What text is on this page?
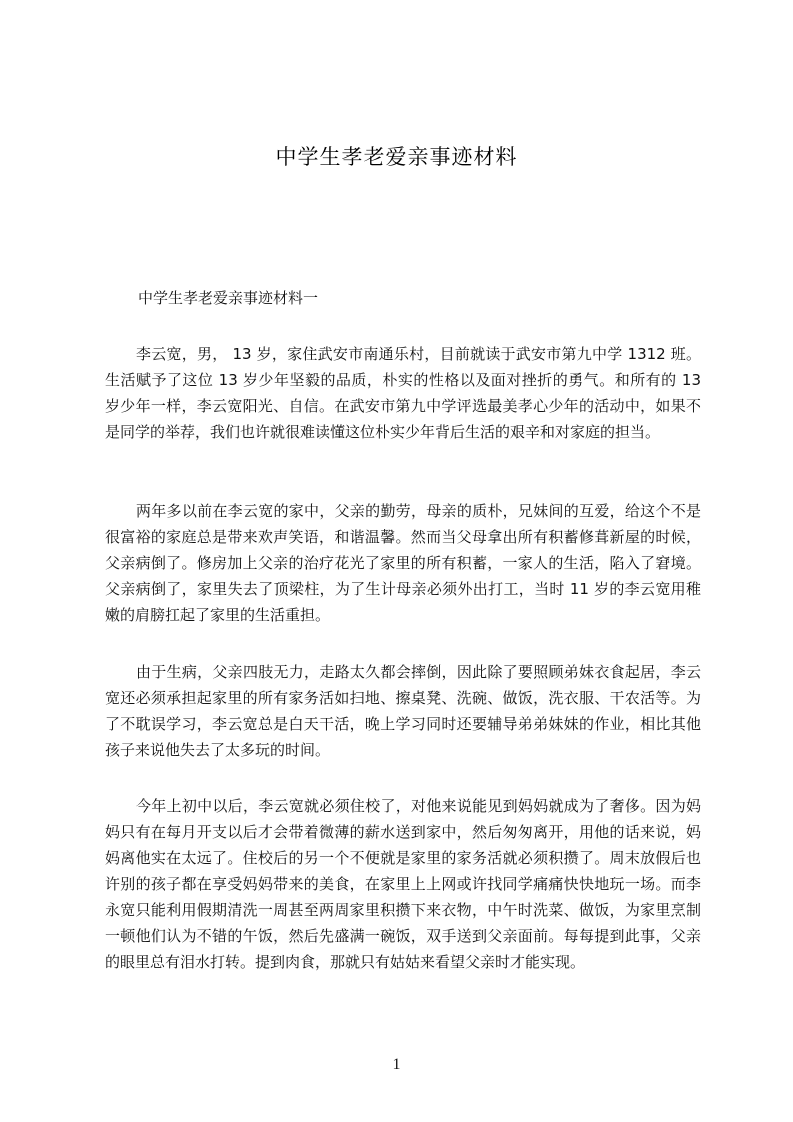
中学生孝老爱亲事迹材料
中学生孝老爱亲事迹材料一

李云宽，男， 13 岁，家住武安市南通乐村，目前就读于武安市第九中学 1312 班。生活赋予了这位 13 岁少年坚毅的品质，朴实的性格以及面对挫折的勇气。和所有的 13 岁少年一样，李云宽阳光、自信。在武安市第九中学评选最美孝心少年的活动中，如果不是同学的举荐，我们也许就很难读懂这位朴实少年背后生活的艰辛和对家庭的担当。

两年多以前在李云宽的家中，父亲的勤劳，母亲的质朴，兄妹间的互爱，给这个不是很富裕的家庭总是带来欢声笑语，和谐温馨。然而当父母拿出所有积蓄修葺新屋的时候，父亲病倒了。修房加上父亲的治疗花光了家里的所有积蓄，一家人的生活，陷入了窘境。父亲病倒了，家里失去了顶梁柱，为了生计母亲必须外出打工，当时 11 岁的李云宽用稚嫩的肩膀扛起了家里的生活重担。

由于生病，父亲四肢无力，走路太久都会摔倒，因此除了要照顾弟妹衣食起居，李云宽还必须承担起家里的所有家务活如扫地、擦桌凳、洗碗、做饭，洗衣服、干农活等。为了不耽误学习，李云宽总是白天干活，晚上学习同时还要辅导弟弟妹妹的作业，相比其他孩子来说他失去了太多玩的时间。

今年上初中以后，李云宽就必须住校了，对他来说能见到妈妈就成为了奢侈。因为妈妈只有在每月开支以后才会带着微薄的薪水送到家中，然后匆匆离开，用他的话来说，妈妈离他实在太远了。住校后的另一个不便就是家里的家务活就必须积攒了。周末放假后也许别的孩子都在享受妈妈带来的美食，在家里上上网或许找同学痛痛快快地玩一场。而李永宽只能利用假期清洗一周甚至两周家里积攒下来衣物，中午时洗菜、做饭，为家里烹制一顿他们认为不错的午饭，然后先盛满一碗饭，双手送到父亲面前。每每提到此事，父亲的眼里总有泪水打转。提到肉食，那就只有姑姑来看望父亲时才能实现。

1
